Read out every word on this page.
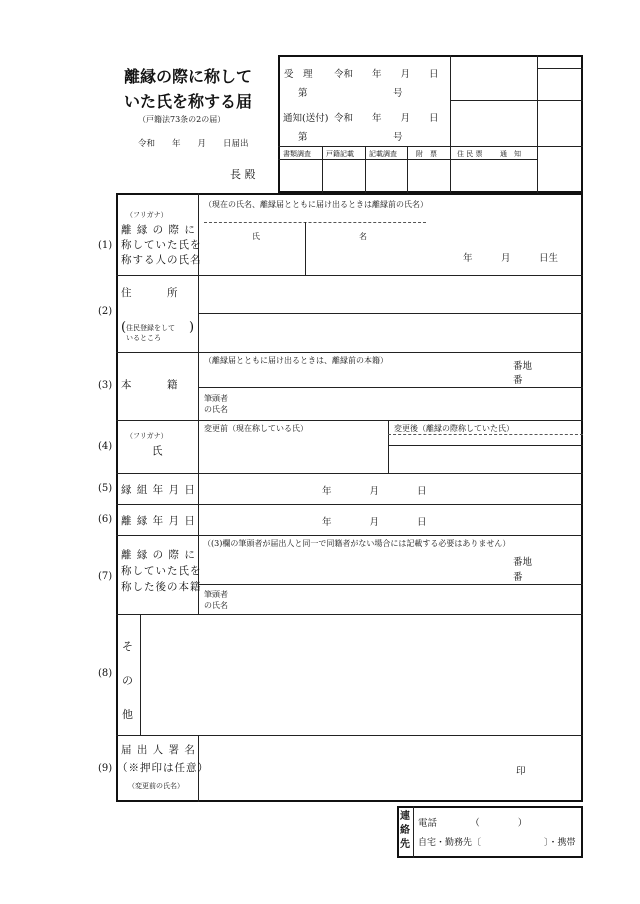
離縁の際に称して
いた氏を称する届
（戸籍法73条の2の届）
令和　　年　　月　　日届出
長 殿
受　理 令和　　年　　月　　日
第　　　　　　　　　号
通知(送付) 令和　　年　　月　　日
第　　　　　　　　　号
書類調査 戸籍記載 記載調査	附　票	住 民 票	通　知
(1)
（フリガナ）
離 縁 の 際 に
称していた氏を
称する人の氏名
（現在の氏名、離縁届とともに届け出るときは離縁前の氏名）
氏	名
年　　　月　　　日生
(2)
住　　　所
( 住民登録をして
いるところ
)
(3) 本　　　籍
（離縁届とともに届け出るときは、離縁前の本籍）
番地
番
筆頭者
の氏名
(4)
（フリガナ）
氏
変更前（現在称している氏）	変更後（離縁の際称していた氏）
(5) 縁 組 年 月 日	年　　　　月　　　　日
(6) 離 縁 年 月 日	年　　　　月　　　　日
(7)
離 縁 の 際 に
称していた氏を
称した後の本籍
（(3)欄の筆頭者が届出人と同一で同籍者がない場合には記載する必要はありません）
番地
番
筆頭者
の氏名
(8)
その他
(9)
届 出 人 署 名
（※押印は任意）
（変更前の氏名）
印
連絡先
電話　　　　（　　　　）
自宅・勤務先〔　　　　　　　〕・携帯
